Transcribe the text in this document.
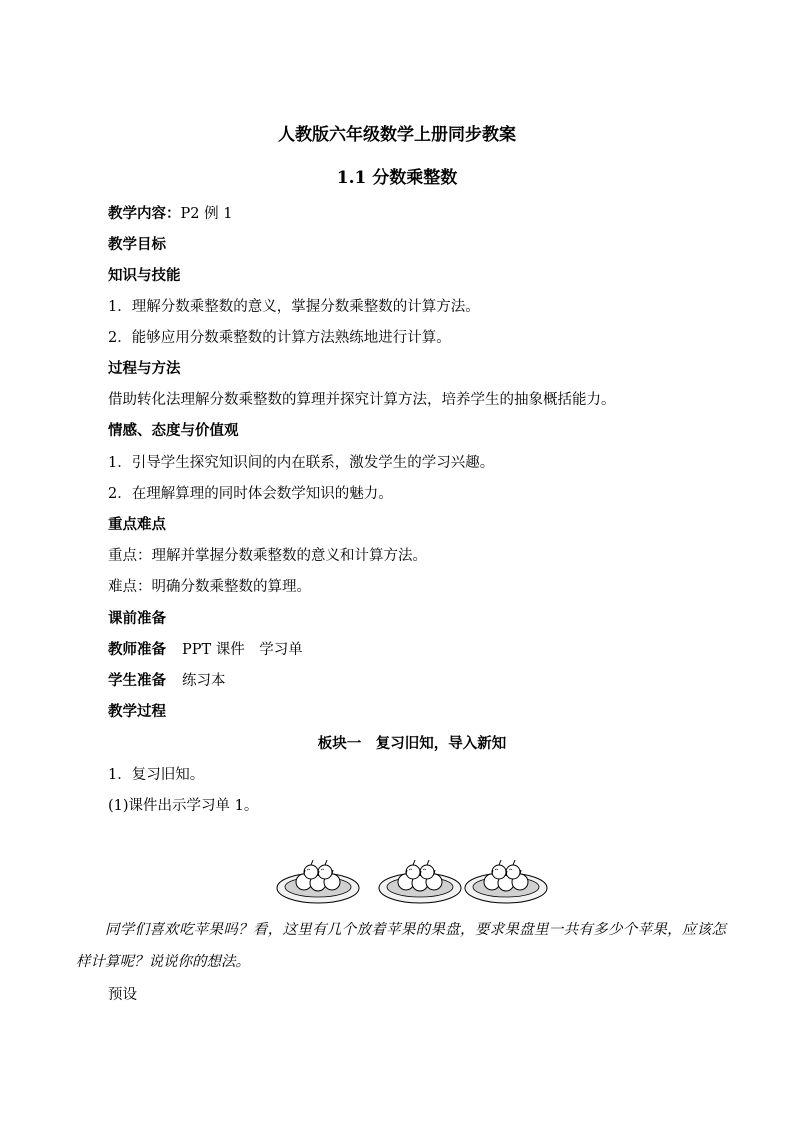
人教版六年级数学上册同步教案
1.1 分数乘整数
教学内容：P2 例 1
教学目标
知识与技能
1．理解分数乘整数的意义，掌握分数乘整数的计算方法。
2．能够应用分数乘整数的计算方法熟练地进行计算。
过程与方法
借助转化法理解分数乘整数的算理并探究计算方法，培养学生的抽象概括能力。
情感、态度与价值观
1．引导学生探究知识间的内在联系，激发学生的学习兴趣。
2．在理解算理的同时体会数学知识的魅力。
重点难点
重点：理解并掌握分数乘整数的意义和计算方法。
难点：明确分数乘整数的算理。
课前准备
教师准备 PPT 课件　学习单
学生准备 练习本
教学过程
板块一　复习旧知，导入新知
1．复习旧知。
(1)课件出示学习单 1。
同学们喜欢吃苹果吗？看，这里有几个放着苹果的果盘，要求果盘里一共有多少个苹果，应该怎样计算呢？说说你的想法。
预设
